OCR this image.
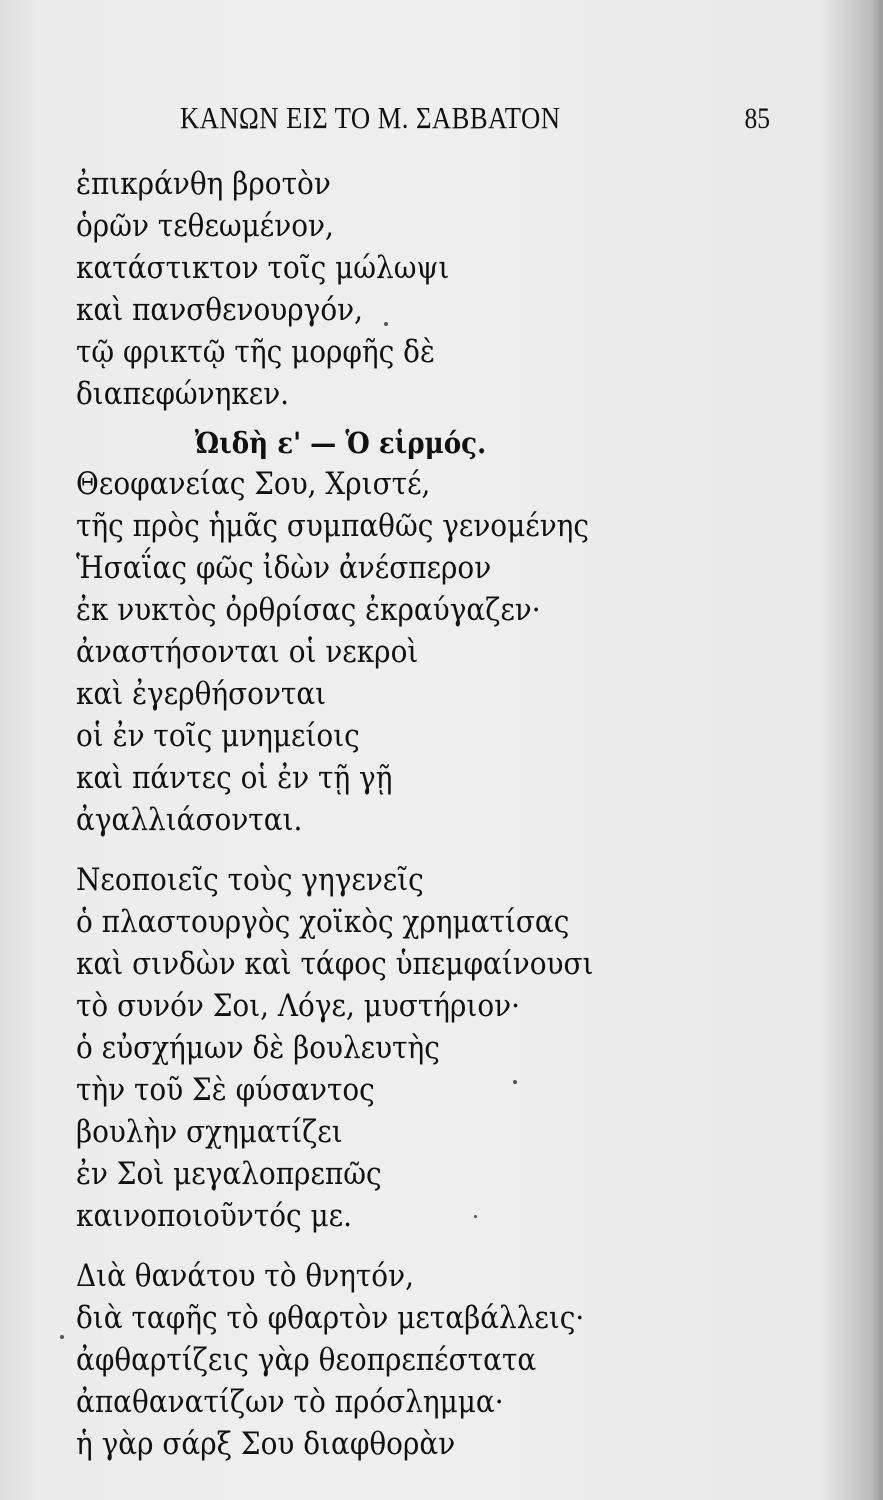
ΚΑΝΩΝ ΕΙΣ ΤΟ Μ. ΣΑΒΒΑΤΟΝ	85
ἐπικράνθη βροτὸν
ὁρῶν τεθεωμένον,
κατάστικτον τοῖς μώλωψι
καὶ πανσθενουργόν,
τῷ φρικτῷ τῆς μορφῆς δὲ
διαπεφώνηκεν.
Ὠιδὴ ε' — Ὁ εἱρμός.
Θεοφανείας Σου, Χριστέ,
τῆς πρὸς ἡμᾶς συμπαθῶς γενομένης
Ἡσαΐας φῶς ἰδὼν ἀνέσπερον
ἐκ νυκτὸς ὀρθρίσας ἐκραύγαζεν·
ἀναστήσονται οἱ νεκροὶ
καὶ ἐγερθήσονται
οἱ ἐν τοῖς μνημείοις
καὶ πάντες οἱ ἐν τῇ γῇ
ἀγαλλιάσονται.
Νεοποιεῖς τοὺς γηγενεῖς
ὁ πλαστουργὸς χοϊκὸς χρηματίσας
καὶ σινδὼν καὶ τάφος ὑπεμφαίνουσι
τὸ συνόν Σοι, Λόγε, μυστήριον·
ὁ εὐσχήμων δὲ βουλευτὴς
τὴν τοῦ Σὲ φύσαντος
βουλὴν σχηματίζει
ἐν Σοὶ μεγαλοπρεπῶς
καινοποιοῦντός με.
Διὰ θανάτου τὸ θνητόν,
διὰ ταφῆς τὸ φθαρτὸν μεταβάλλεις·
ἀφθαρτίζεις γὰρ θεοπρεπέστατα
ἀπαθανατίζων τὸ πρόσλημμα·
ἡ γὰρ σάρξ Σου διαφθορὰν
